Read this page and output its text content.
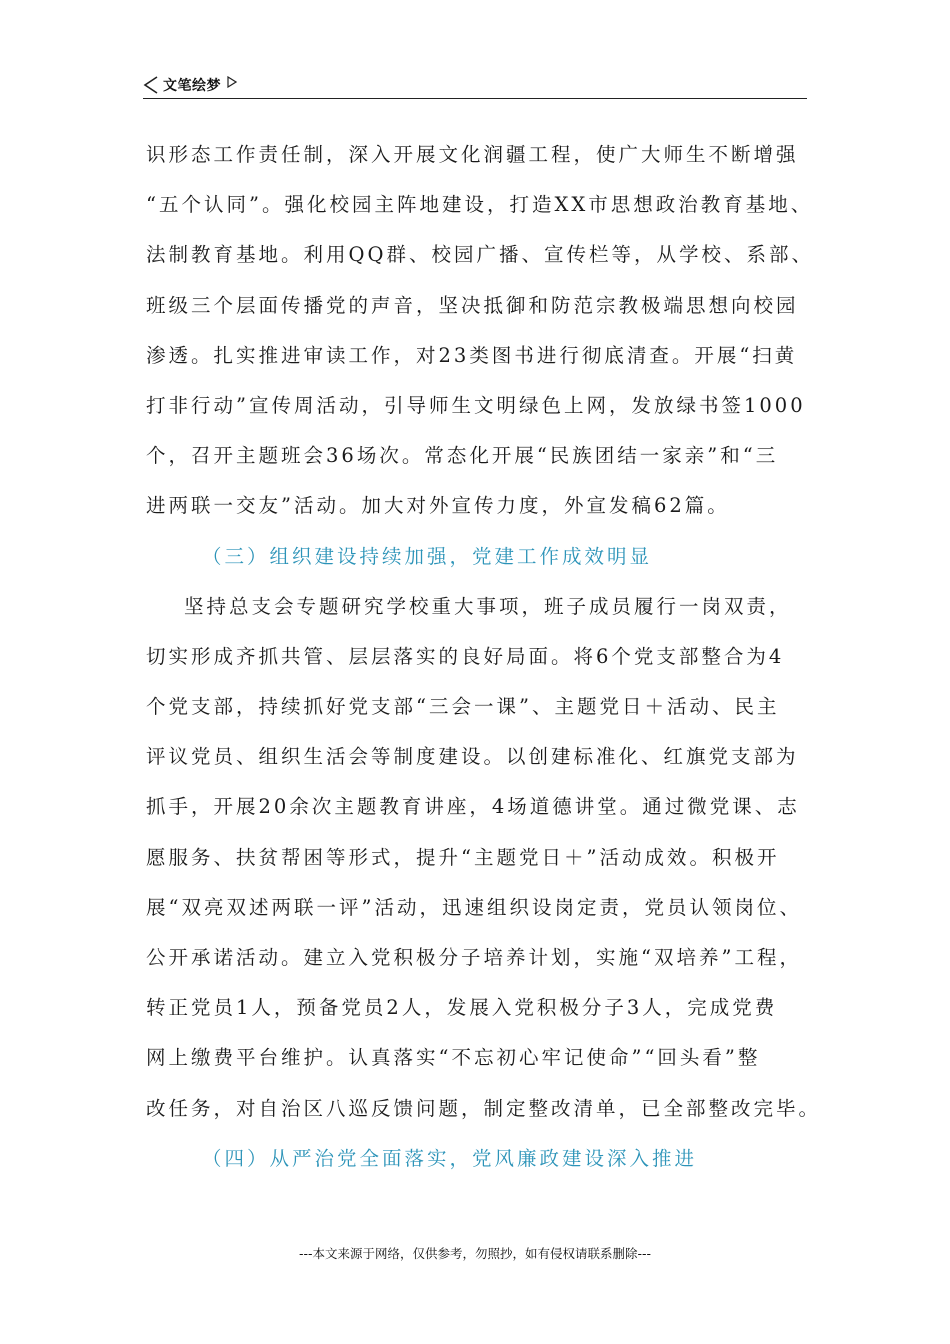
文笔绘梦
识形态工作责任制，深入开展文化润疆工程，使广大师生不断增强
“五个认同”。强化校园主阵地建设，打造XX市思想政治教育基地、
法制教育基地。利用QQ群、校园广播、宣传栏等，从学校、系部、
班级三个层面传播党的声音，坚决抵御和防范宗教极端思想向校园
渗透。扎实推进审读工作，对23类图书进行彻底清查。开展“扫黄
打非行动”宣传周活动，引导师生文明绿色上网，发放绿书签1000
个，召开主题班会36场次。常态化开展“民族团结一家亲”和“三
进两联一交友”活动。加大对外宣传力度，外宣发稿62篇。
（三）组织建设持续加强，党建工作成效明显
坚持总支会专题研究学校重大事项，班子成员履行一岗双责，
切实形成齐抓共管、层层落实的良好局面。将6个党支部整合为4
个党支部，持续抓好党支部“三会一课”、主题党日＋活动、民主
评议党员、组织生活会等制度建设。以创建标准化、红旗党支部为
抓手，开展20余次主题教育讲座，4场道德讲堂。通过微党课、志
愿服务、扶贫帮困等形式，提升“主题党日＋”活动成效。积极开
展“双亮双述两联一评”活动，迅速组织设岗定责，党员认领岗位、
公开承诺活动。建立入党积极分子培养计划，实施“双培养”工程，
转正党员1人，预备党员2人，发展入党积极分子3人，完成党费
网上缴费平台维护。认真落实“不忘初心牢记使命”“回头看”整
改任务，对自治区八巡反馈问题，制定整改清单，已全部整改完毕。
（四）从严治党全面落实，党风廉政建设深入推进
---本文来源于网络，仅供参考，勿照抄，如有侵权请联系删除---
